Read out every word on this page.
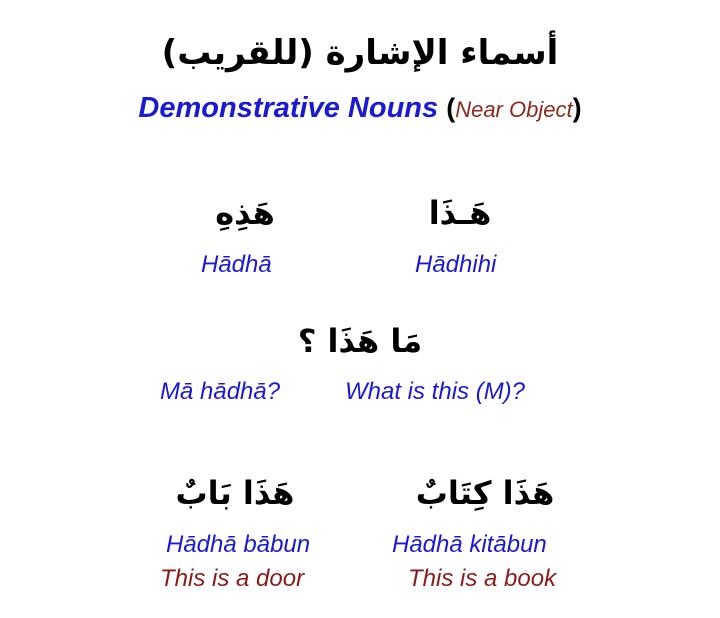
أسماء الإشارة (للقريب)
Demonstrative Nouns (Near Object)
هَذِهِ	هَـذَا
Hādhā	Hādhihi
مَا هَذَا ؟
Mā hādhā?	What is this (M)?
هَذَا بَابٌ	هَذَا كِتَابٌ
Hādhā bābun	Hādhā kitābun
This is a door	This is a book
